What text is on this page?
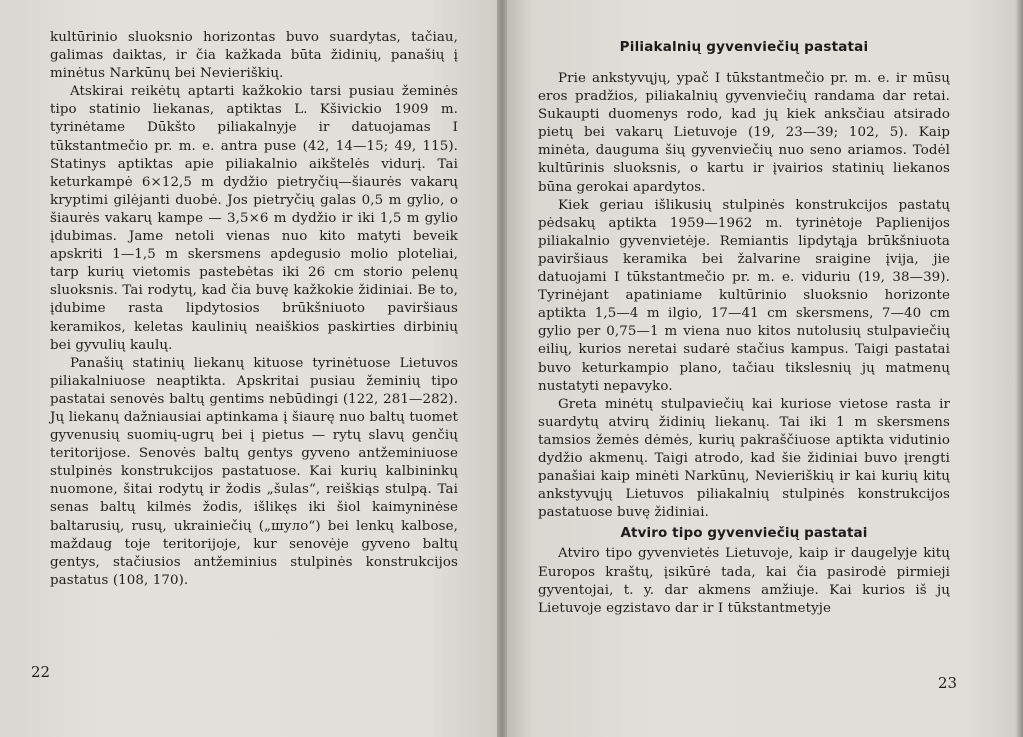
kultūrinio sluoksnio horizontas buvo suardytas, tačiau, galimas daiktas, ir čia kažkada būta židinių, panašių į minėtus Narkūnų bei Nevieriškių.

Atskirai reikėtų aptarti kažkokio tarsi pusiau žeminės tipo statinio liekanas, aptiktas L. Kšivickio 1909 m. tyrinėtame Dūkšto piliakalnyje ir datuojamas I tūkstantmečio pr. m. e. antra puse (42, 14—15; 49, 115). Statinys aptiktas apie piliakalnio aikštelės vidurį. Tai keturkampė 6×12,5 m dydžio pietryčių—šiaurės vakarų kryptimi gilėjanti duobė. Jos pietryčių galas 0,5 m gylio, o šiaurės vakarų kampe — 3,5×6 m dydžio ir iki 1,5 m gylio įdubimas. Jame netoli vienas nuo kito matyti beveik apskriti 1—1,5 m skersmens apdegusio molio ploteliai, tarp kurių vietomis pastebėtas iki 26 cm storio pelenų sluoksnis. Tai rodytų, kad čia buvę kažkokie židiniai. Be to, įdubime rasta lipdytosios brūkšniuoto paviršiaus keramikos, keletas kaulinių neaiškios paskirties dirbinių bei gyvulių kaulų.

Panašių statinių liekanų kituose tyrinėtuose Lietuvos piliakalniuose neaptikta. Apskritai pusiau žeminių tipo pastatai senovės baltų gentims nebūdingi (122, 281—282). Jų liekanų dažniausiai aptinkama į šiaurę nuo baltų tuomet gyvenusių suomių-ugrų bei į pietus — rytų slavų genčių teritorijose. Senovės baltų gentys gyveno antžeminiuose stulpinės konstrukcijos pastatuose. Kai kurių kalbininkų nuomone, šitai rodytų ir žodis „šulas“, reiškiąs stulpą. Tai senas baltų kilmės žodis, išlikęs iki šiol kaimyninėse baltarusių, rusų, ukrainiečių („шуло“) bei lenkų kalbose, maždaug toje teritorijoje, kur senovėje gyveno baltų gentys, stačiusios antžeminius stulpinės konstrukcijos pastatus (108, 170).

22
Piliakalnių gyvenviečių pastatai

Prie ankstyvųjų, ypač I tūkstantmečio pr. m. e. ir mūsų eros pradžios, piliakalnių gyvenviečių randama dar retai. Sukaupti duomenys rodo, kad jų kiek anksčiau atsirado pietų bei vakarų Lietuvoje (19, 23—39; 102, 5). Kaip minėta, dauguma šių gyvenviečių nuo seno ariamos. Todėl kultūrinis sluoksnis, o kartu ir įvairios statinių liekanos būna gerokai apardytos.

Kiek geriau išlikusių stulpinės konstrukcijos pastatų pėdsakų aptikta 1959—1962 m. tyrinėtoje Paplienijos piliakalnio gyvenvietėje. Remiantis lipdytąja brūkšniuota paviršiaus keramika bei žalvarine sraigine įvija, jie datuojami I tūkstantmečio pr. m. e. viduriu (19, 38—39). Tyrinėjant apatiniame kultūrinio sluoksnio horizonte aptikta 1,5—4 m ilgio, 17—41 cm skersmens, 7—40 cm gylio per 0,75—1 m viena nuo kitos nutolusių stulpaviečių eilių, kurios neretai sudarė stačius kampus. Taigi pastatai buvo keturkampio plano, tačiau tikslesnių jų matmenų nustatyti nepavyko.

Greta minėtų stulpaviečių kai kuriose vietose rasta ir suardytų atvirų židinių liekanų. Tai iki 1 m skersmens tamsios žemės dėmės, kurių pakraščiuose aptikta vidutinio dydžio akmenų. Taigi atrodo, kad šie židiniai buvo įrengti panašiai kaip minėti Narkūnų, Nevieriškių ir kai kurių kitų ankstyvųjų Lietuvos piliakalnių stulpinės konstrukcijos pastatuose buvę židiniai.

Atviro tipo gyvenviečių pastatai

Atviro tipo gyvenvietės Lietuvoje, kaip ir daugelyje kitų Europos kraštų, įsikūrė tada, kai čia pasirodė pirmieji gyventojai, t. y. dar akmens amžiuje. Kai kurios iš jų Lietuvoje egzistavo dar ir I tūkstantmetyje

23
